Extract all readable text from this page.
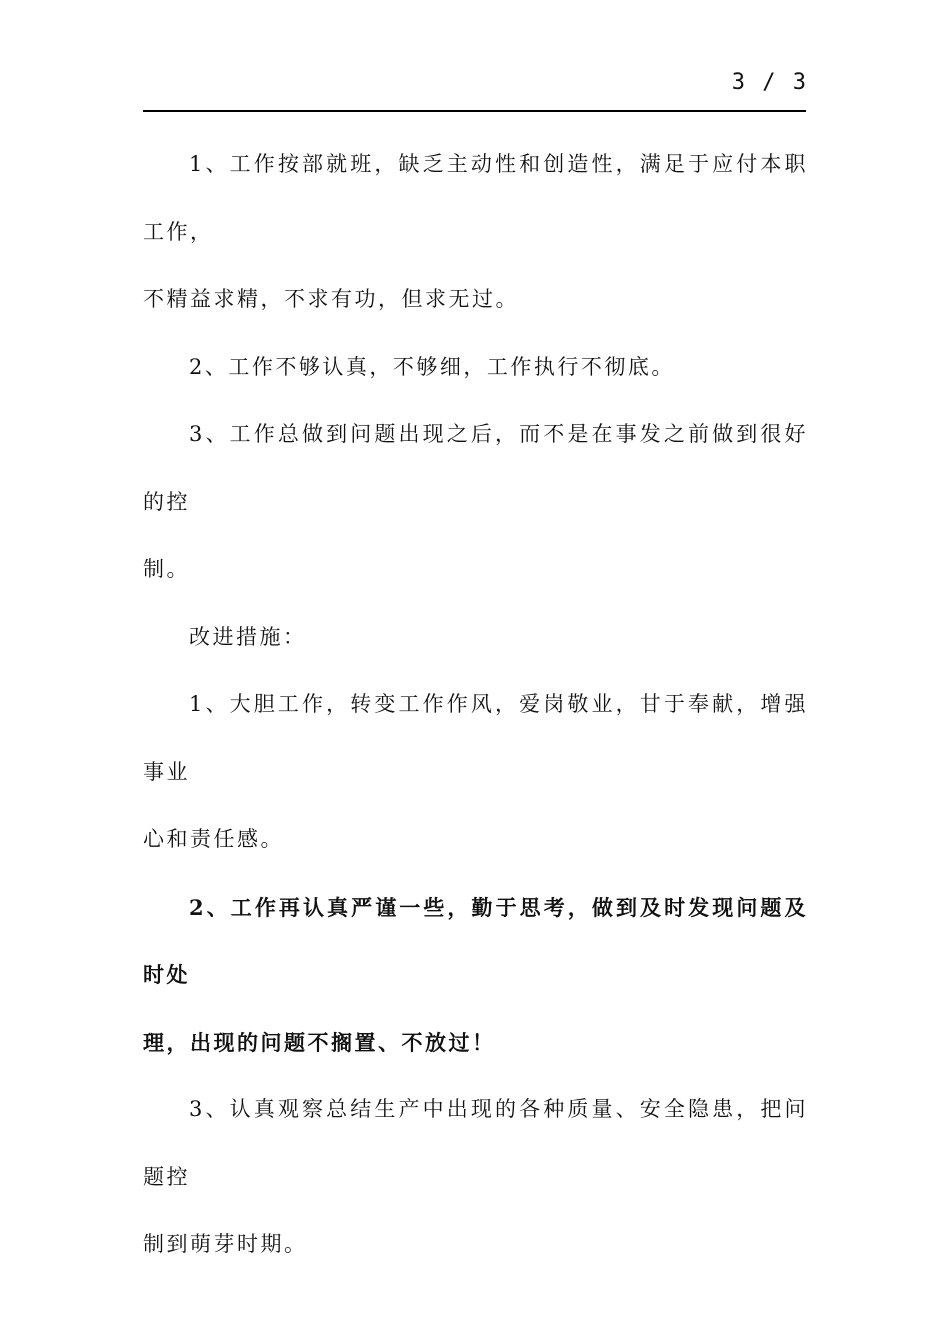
3 / 3

1、工作按部就班，缺乏主动性和创造性，满足于应付本职工作，
不精益求精，不求有功，但求无过。

2、工作不够认真，不够细，工作执行不彻底。

3、工作总做到问题出现之后，而不是在事发之前做到很好的控
制。

改进措施：

1、大胆工作，转变工作作风，爱岗敬业，甘于奉献，增强事业
心和责任感。

2、工作再认真严谨一些，勤于思考，做到及时发现问题及时处
理，出现的问题不搁置、不放过！

3、认真观察总结生产中出现的各种质量、安全隐患，把问题控
制到萌芽时期。
